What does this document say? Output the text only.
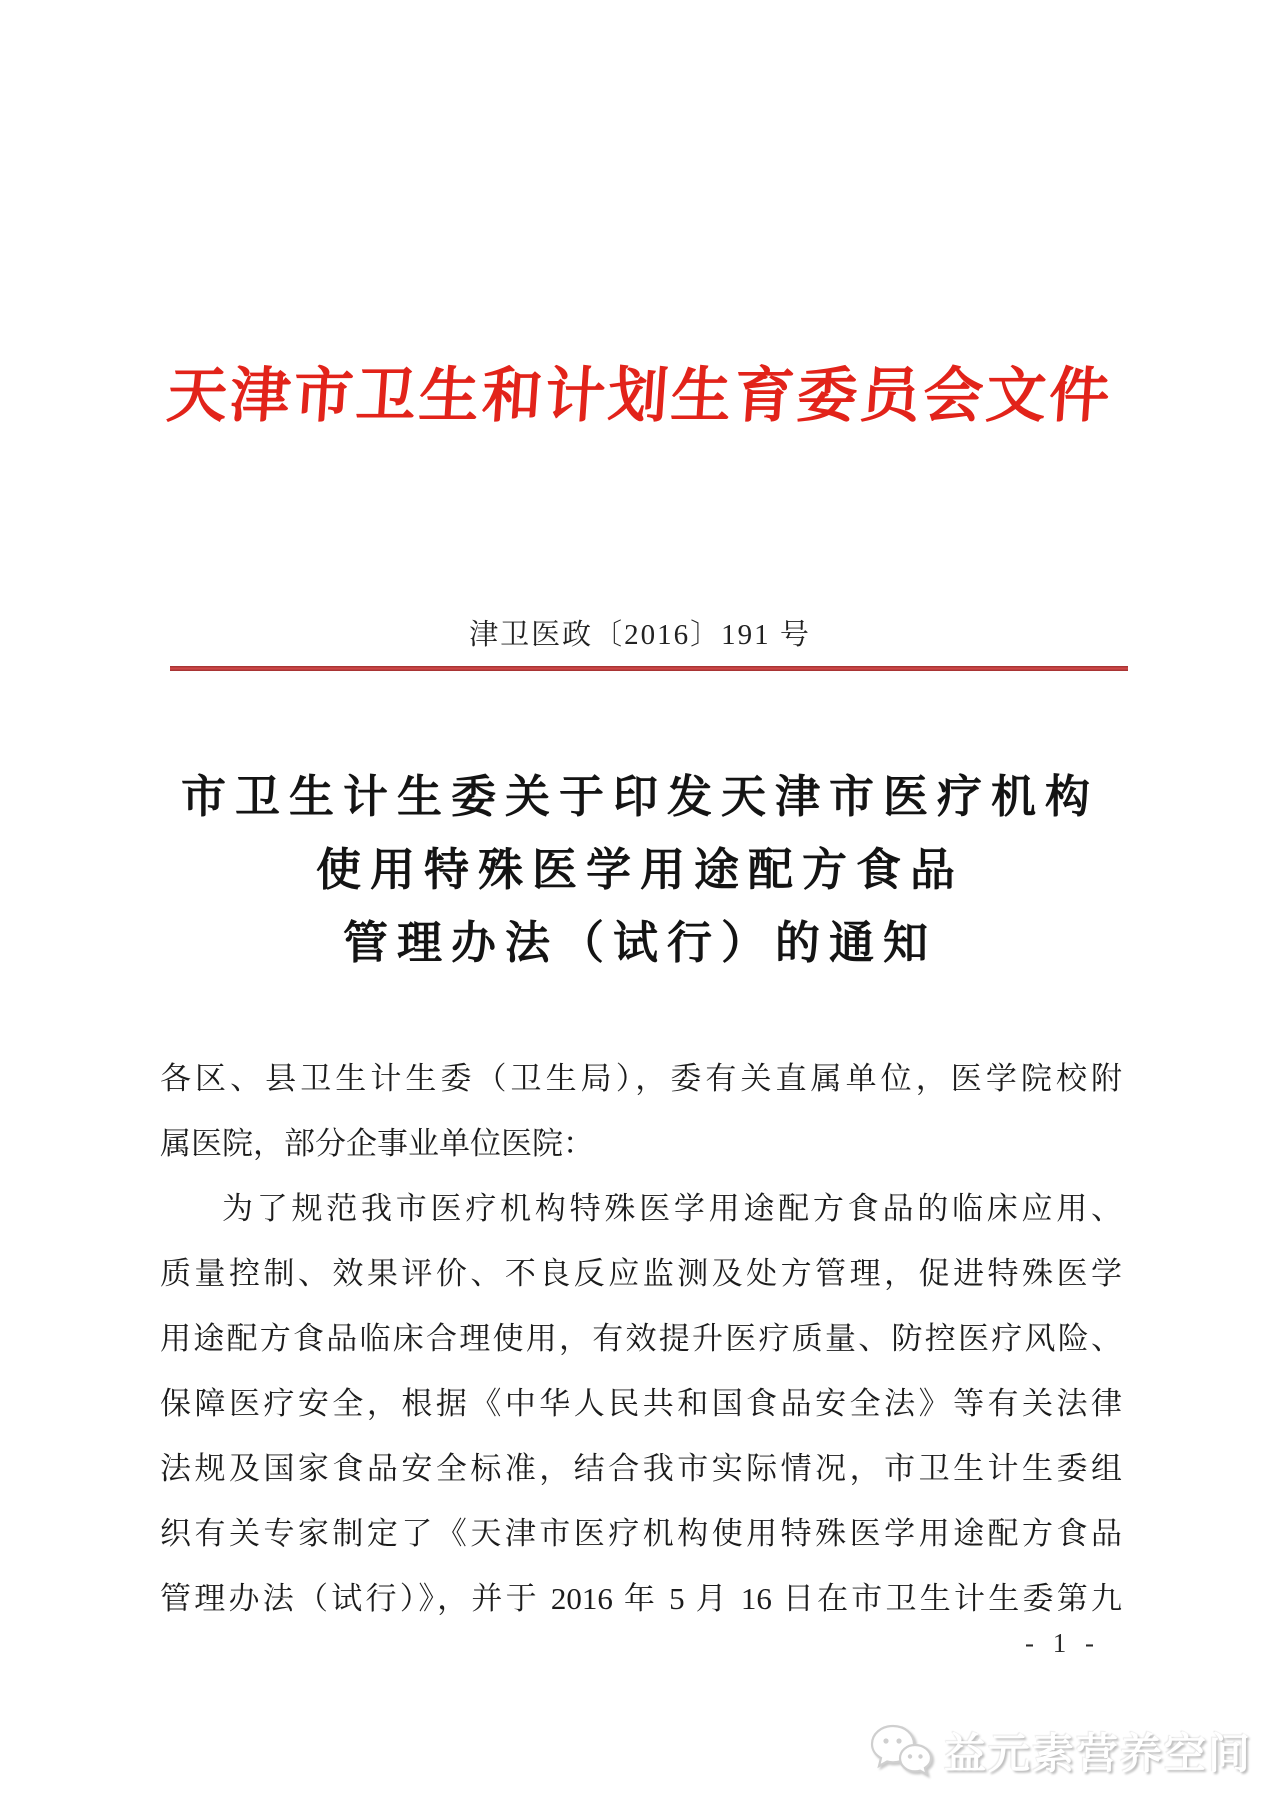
天津市卫生和计划生育委员会文件
津卫医政〔2016〕191 号
市卫生计生委关于印发天津市医疗机构
使用特殊医学用途配方食品
管理办法（试行）的通知
各区、县卫生计生委（卫生局），委有关直属单位，医学院校附
属医院，部分企事业单位医院：
为了规范我市医疗机构特殊医学用途配方食品的临床应用、
质量控制、效果评价、不良反应监测及处方管理，促进特殊医学
用途配方食品临床合理使用，有效提升医疗质量、防控医疗风险、
保障医疗安全，根据《中华人民共和国食品安全法》等有关法律
法规及国家食品安全标准，结合我市实际情况，市卫生计生委组
织有关专家制定了《天津市医疗机构使用特殊医学用途配方食品
管理办法（试行）》，并于 2016 年 5 月 16 日在市卫生计生委第九
- 1 -
益元素营养空间
